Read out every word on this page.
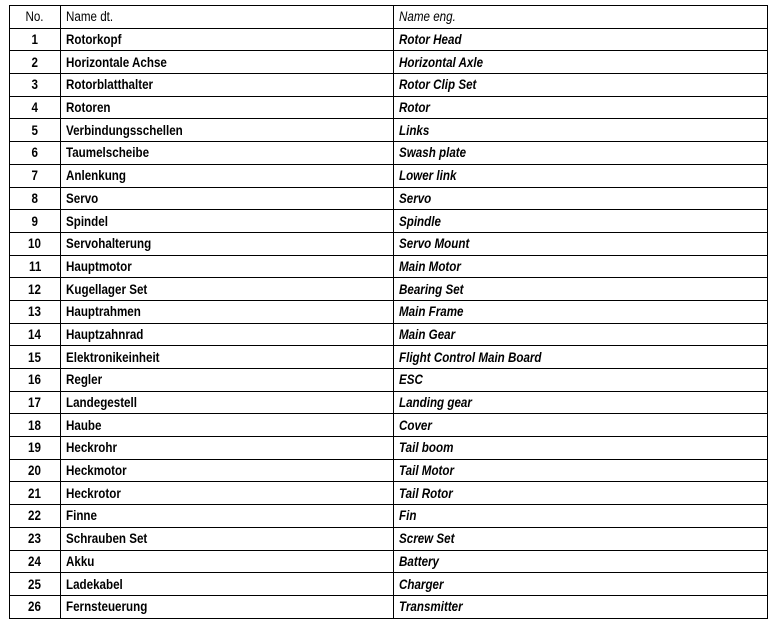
No.	Name dt.	Name eng.
1	Rotorkopf	Rotor Head
2	Horizontale Achse	Horizontal Axle
3	Rotorblatthalter	Rotor Clip Set
4	Rotoren	Rotor
5	Verbindungsschellen	Links
6	Taumelscheibe	Swash plate
7	Anlenkung	Lower link
8	Servo	Servo
9	Spindel	Spindle
10	Servohalterung	Servo Mount
11	Hauptmotor	Main Motor
12	Kugellager Set	Bearing Set
13	Hauptrahmen	Main Frame
14	Hauptzahnrad	Main Gear
15	Elektronikeinheit	Flight Control Main Board
16	Regler	ESC
17	Landegestell	Landing gear
18	Haube	Cover
19	Heckrohr	Tail boom
20	Heckmotor	Tail Motor
21	Heckrotor	Tail Rotor
22	Finne	Fin
23	Schrauben Set	Screw Set
24	Akku	Battery
25	Ladekabel	Charger
26	Fernsteuerung	Transmitter
